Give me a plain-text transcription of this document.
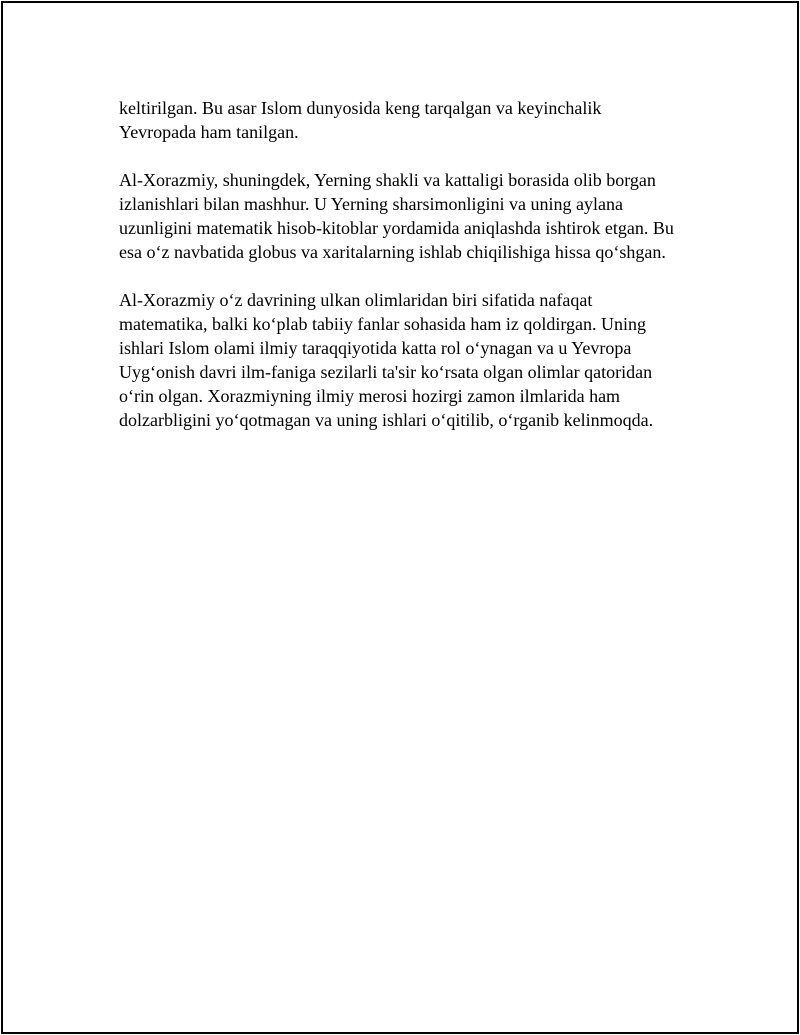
keltirilgan. Bu asar Islom dunyosida keng tarqalgan va keyinchalik
Yevropada ham tanilgan.

Al-Xorazmiy, shuningdek, Yerning shakli va kattaligi borasida olib borgan
izlanishlari bilan mashhur. U Yerning sharsimonligini va uning aylana
uzunligini matematik hisob-kitoblar yordamida aniqlashda ishtirok etgan. Bu
esa o‘z navbatida globus va xaritalarning ishlab chiqilishiga hissa qo‘shgan.

Al-Xorazmiy o‘z davrining ulkan olimlaridan biri sifatida nafaqat
matematika, balki ko‘plab tabiiy fanlar sohasida ham iz qoldirgan. Uning
ishlari Islom olami ilmiy taraqqiyotida katta rol o‘ynagan va u Yevropa
Uyg‘onish davri ilm-faniga sezilarli ta'sir ko‘rsata olgan olimlar qatoridan
o‘rin olgan. Xorazmiyning ilmiy merosi hozirgi zamon ilmlarida ham
dolzarbligini yo‘qotmagan va uning ishlari o‘qitilib, o‘rganib kelinmoqda.
